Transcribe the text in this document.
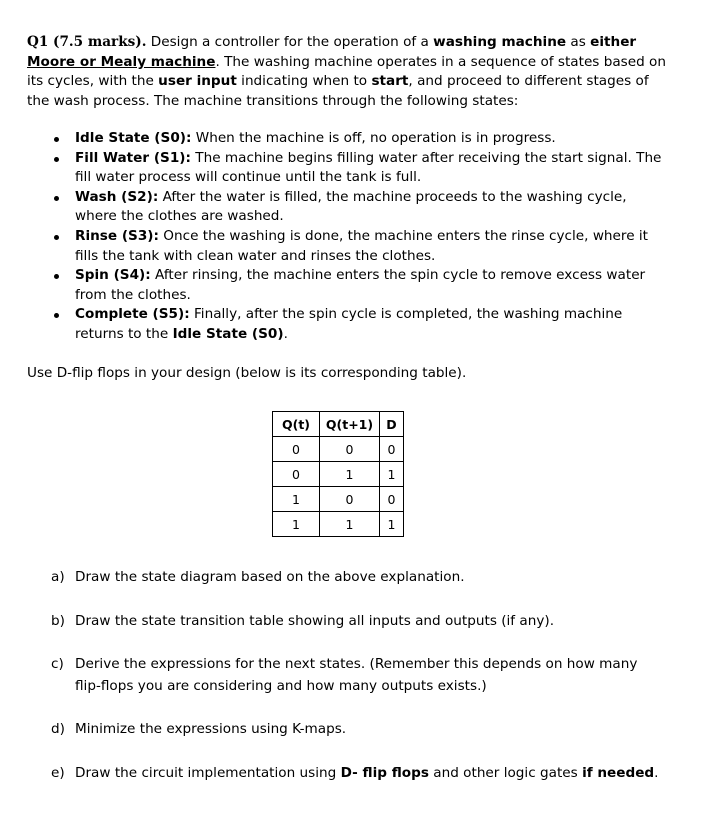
Q1 (7.5 marks). Design a controller for the operation of a washing machine as either Moore or Mealy machine. The washing machine operates in a sequence of states based on its cycles, with the user input indicating when to start, and proceed to different stages of the wash process. The machine transitions through the following states:
Idle State (S0): When the machine is off, no operation is in progress.
Fill Water (S1): The machine begins filling water after receiving the start signal. The fill water process will continue until the tank is full.
Wash (S2): After the water is filled, the machine proceeds to the washing cycle, where the clothes are washed.
Rinse (S3): Once the washing is done, the machine enters the rinse cycle, where it fills the tank with clean water and rinses the clothes.
Spin (S4): After rinsing, the machine enters the spin cycle to remove excess water from the clothes.
Complete (S5): Finally, after the spin cycle is completed, the washing machine returns to the Idle State (S0).
Use D-flip flops in your design (below is its corresponding table).
Q(t)	Q(t+1)	D
0	0	0
0	1	1
1	0	0
1	1	1
a) Draw the state diagram based on the above explanation.
b) Draw the state transition table showing all inputs and outputs (if any).
c) Derive the expressions for the next states. (Remember this depends on how many flip-flops you are considering and how many outputs exists.)
d) Minimize the expressions using K-maps.
e) Draw the circuit implementation using D- flip flops and other logic gates if needed.
